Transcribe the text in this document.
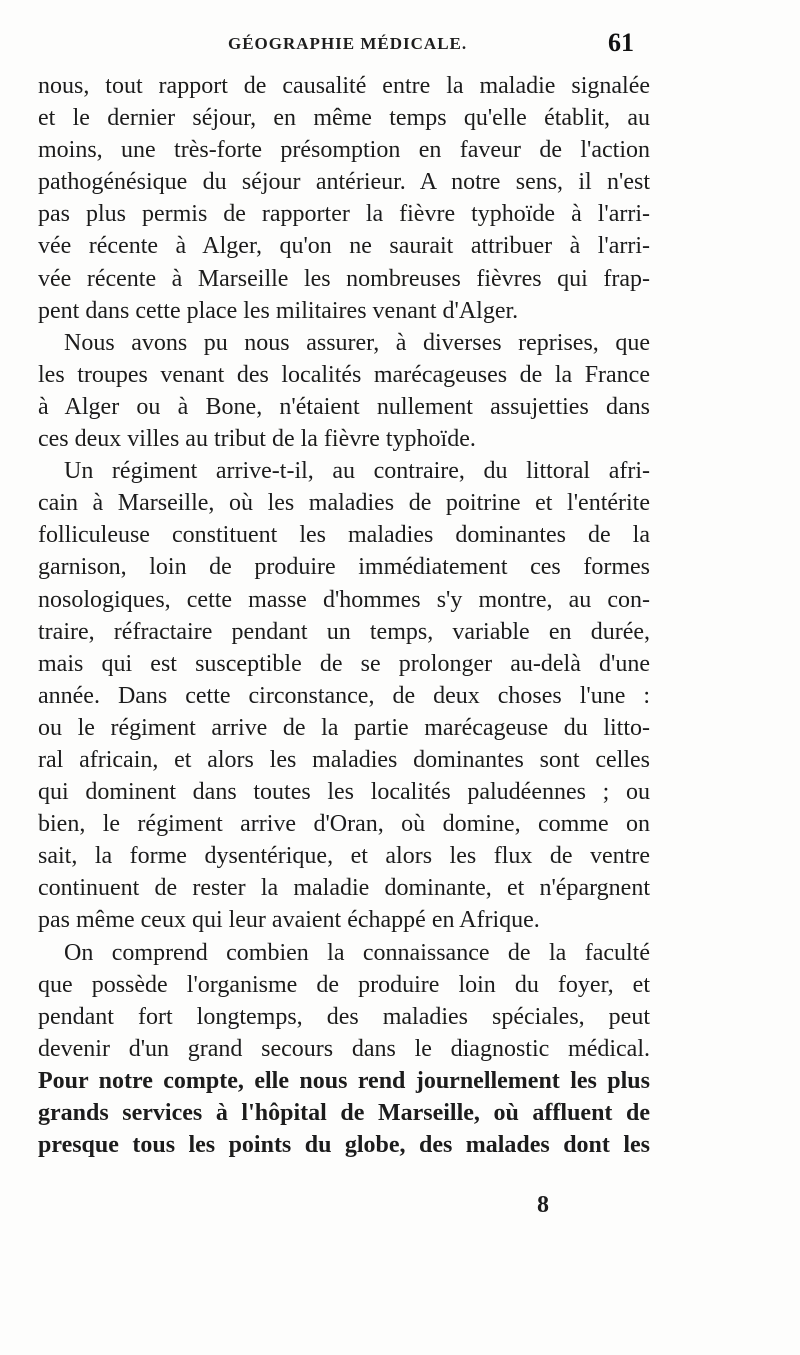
GÉOGRAPHIE MÉDICALE.	61
nous, tout rapport de causalité entre la maladie signalée
et le dernier séjour, en même temps qu'elle établit, au
moins, une très-forte présomption en faveur de l'action
pathogénésique du séjour antérieur. A notre sens, il n'est
pas plus permis de rapporter la fièvre typhoïde à l'arri-
vée récente à Alger, qu'on ne saurait attribuer à l'arri-
vée récente à Marseille les nombreuses fièvres qui frap-
pent dans cette place les militaires venant d'Alger.
Nous avons pu nous assurer, à diverses reprises, que
les troupes venant des localités marécageuses de la France
à Alger ou à Bone, n'étaient nullement assujetties dans
ces deux villes au tribut de la fièvre typhoïde.
Un régiment arrive-t-il, au contraire, du littoral afri-
cain à Marseille, où les maladies de poitrine et l'entérite
folliculeuse constituent les maladies dominantes de la
garnison, loin de produire immédiatement ces formes
nosologiques, cette masse d'hommes s'y montre, au con-
traire, réfractaire pendant un temps, variable en durée,
mais qui est susceptible de se prolonger au-delà d'une
année. Dans cette circonstance, de deux choses l'une :
ou le régiment arrive de la partie marécageuse du litto-
ral africain, et alors les maladies dominantes sont celles
qui dominent dans toutes les localités paludéennes ; ou
bien, le régiment arrive d'Oran, où domine, comme on
sait, la forme dysentérique, et alors les flux de ventre
continuent de rester la maladie dominante, et n'épargnent
pas même ceux qui leur avaient échappé en Afrique.
On comprend combien la connaissance de la faculté
que possède l'organisme de produire loin du foyer, et
pendant fort longtemps, des maladies spéciales, peut
devenir d'un grand secours dans le diagnostic médical.
Pour notre compte, elle nous rend journellement les plus
grands services à l'hôpital de Marseille, où affluent de
presque tous les points du globe, des malades dont les
8
